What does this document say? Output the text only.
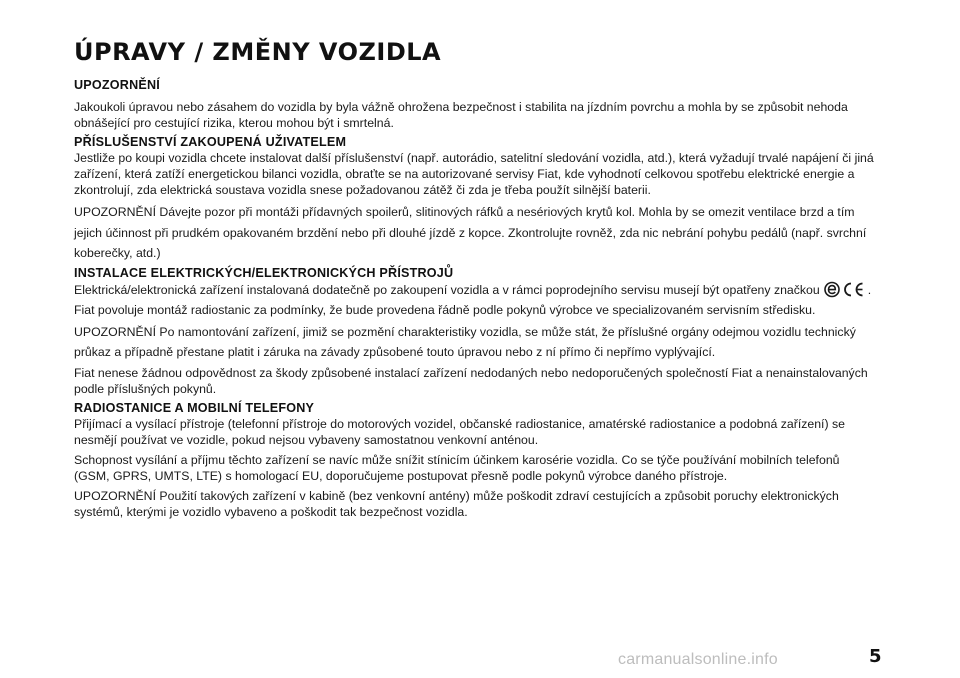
ÚPRAVY / ZMĚNY VOZIDLA
UPOZORNĚNÍ

Jakoukoli úpravou nebo zásahem do vozidla by byla vážně ohrožena bezpečnost i stabilita na jízdním povrchu a mohla by se způsobit nehoda obnášející pro cestující rizika, kterou mohou být i smrtelná.

PŘÍSLUŠENSTVÍ ZAKOUPENÁ UŽIVATELEM

Jestliže po koupi vozidla chcete instalovat další příslušenství (např. autorádio, satelitní sledování vozidla, atd.), která vyžadují trvalé napájení či jiná zařízení, která zatíží energetickou bilanci vozidla, obraťte se na autorizované servisy Fiat, kde vyhodnotí celkovou spotřebu elektrické energie a zkontrolují, zda elektrická soustava vozidla snese požadovanou zátěž či zda je třeba použít silnější baterii.

UPOZORNĚNÍ Dávejte pozor při montáži přídavných spoilerů, slitinových ráfků a nesériových krytů kol. Mohla by se omezit ventilace brzd a tím jejich účinnost při prudkém opakovaném brzdění nebo při dlouhé jízdě z kopce. Zkontrolujte rovněž, zda nic nebrání pohybu pedálů (např. svrchní koberečky, atd.)

INSTALACE ELEKTRICKÝCH/ELEKTRONICKÝCH PŘÍSTROJŮ

Elektrická/elektronická zařízení instalovaná dodatečně po zakoupení vozidla a v rámci poprodejního servisu musejí být opatřeny značkou	.

Fiat povoluje montáž radiostanic za podmínky, že bude provedena řádně podle pokynů výrobce ve specializovaném servisním středisku.

UPOZORNĚNÍ Po namontování zařízení, jimiž se pozmění charakteristiky vozidla, se může stát, že příslušné orgány odejmou vozidlu technický průkaz a případně přestane platit i záruka na závady způsobené touto úpravou nebo z ní přímo či nepřímo vyplývající.

Fiat nenese žádnou odpovědnost za škody způsobené instalací zařízení nedodaných nebo nedoporučených společností Fiat a nenainstalovaných podle příslušných pokynů.

RADIOSTANICE A MOBILNÍ TELEFONY

Přijímací a vysílací přístroje (telefonní přístroje do motorových vozidel, občanské radiostanice, amatérské radiostanice a podobná zařízení) se nesmějí používat ve vozidle, pokud nejsou vybaveny samostatnou venkovní anténou.

Schopnost vysílání a příjmu těchto zařízení se navíc může snížit stínicím účinkem karosérie vozidla. Co se týče používání mobilních telefonů (GSM, GPRS, UMTS, LTE) s homologací EU, doporučujeme postupovat přesně podle pokynů výrobce daného přístroje.

UPOZORNĚNÍ Použití takových zařízení v kabině (bez venkovní antény) může poškodit zdraví cestujících a způsobit poruchy elektronických systémů, kterými je vozidlo vybaveno a poškodit tak bezpečnost vozidla.

carmanualsonline.info	5
